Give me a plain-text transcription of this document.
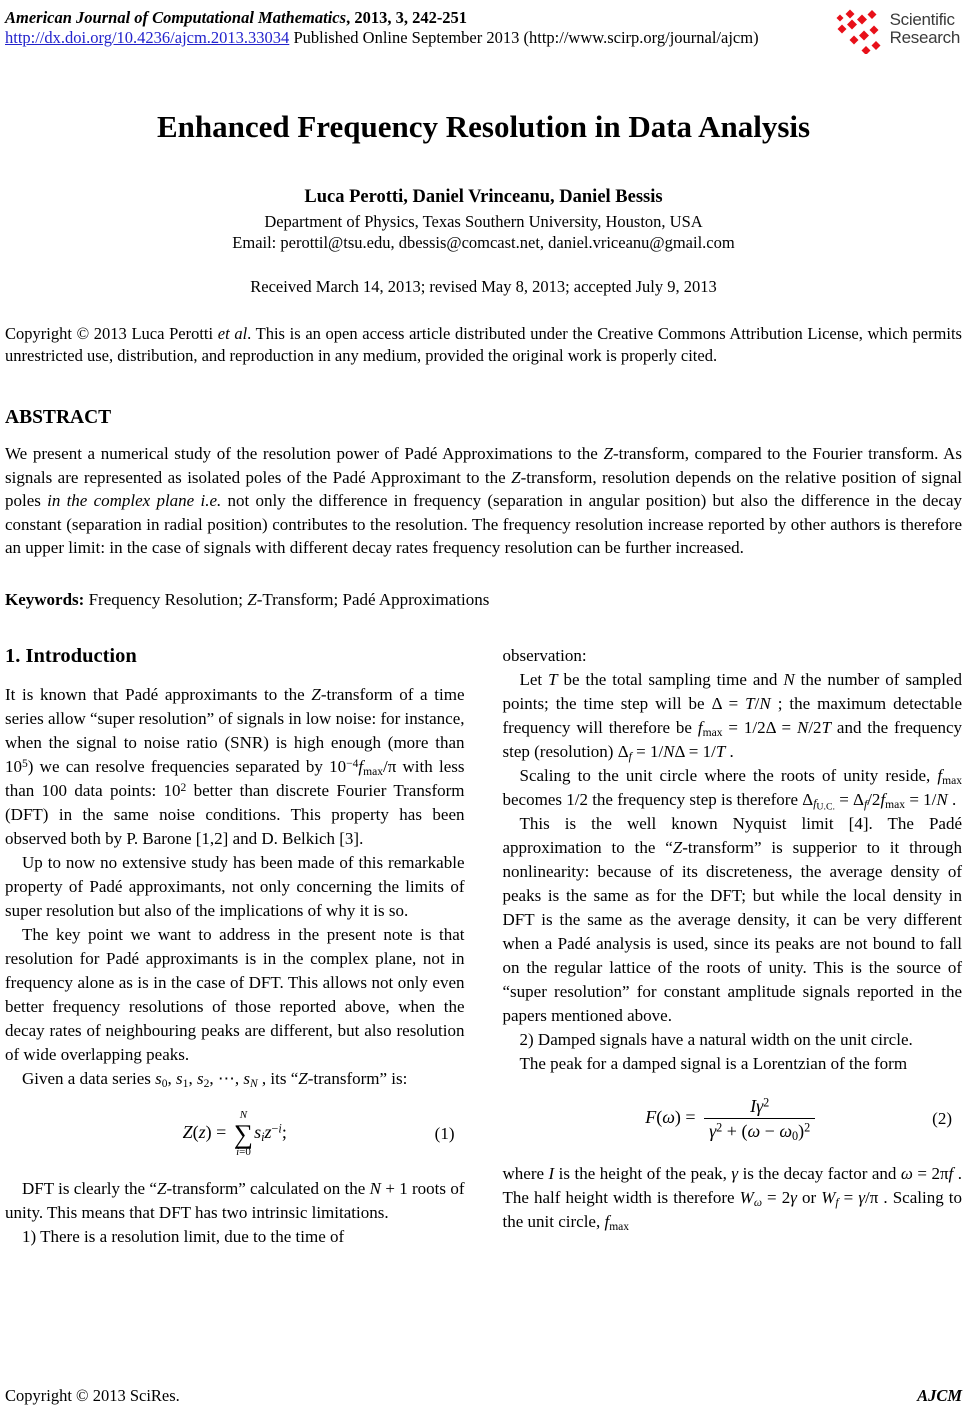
American Journal of Computational Mathematics, 2013, 3, 242-251
http://dx.doi.org/10.4236/ajcm.2013.33034 Published Online September 2013 (http://www.scirp.org/journal/ajcm)
Scientific
Research
Enhanced Frequency Resolution in Data Analysis
Luca Perotti, Daniel Vrinceanu, Daniel Bessis
Department of Physics, Texas Southern University, Houston, USA
Email: perottil@tsu.edu, dbessis@comcast.net, daniel.vriceanu@gmail.com
Received March 14, 2013; revised May 8, 2013; accepted July 9, 2013
Copyright © 2013 Luca Perotti et al. This is an open access article distributed under the Creative Commons Attribution License, which permits unrestricted use, distribution, and reproduction in any medium, provided the original work is properly cited.
ABSTRACT

We present a numerical study of the resolution power of Padé Approximations to the Z-transform, compared to the Fourier transform. As signals are represented as isolated poles of the Padé Approximant to the Z-transform, resolution depends on the relative position of signal poles in the complex plane i.e. not only the difference in frequency (separation in angular position) but also the difference in the decay constant (separation in radial position) contributes to the resolution. The frequency resolution increase reported by other authors is therefore an upper limit: in the case of signals with different decay rates frequency resolution can be further increased.

Keywords: Frequency Resolution; Z-Transform; Padé Approximations
1. Introduction

It is known that Padé approximants to the Z-transform of a time series allow “super resolution” of signals in low noise: for instance, when the signal to noise ratio (SNR) is high enough (more than $10^5$) we can resolve frequencies separated by $10^{-4}f_{max}/\pi$ with less than 100 data points: $10^2$ better than discrete Fourier Transform (DFT) in the same noise conditions. This property has been observed both by P. Barone [1,2] and D. Belkich [3].

Up to now no extensive study has been made of this remarkable property of Padé approximants, not only concerning the limits of super resolution but also of the implications of why it is so.

The key point we want to address in the present note is that resolution for Padé approximants is in the complex plane, not in frequency alone as is in the case of DFT. This allows not only even better frequency resolutions of those reported above, when the decay rates of neighbouring peaks are different, but also resolution of wide overlapping peaks.

Given a data series $s_0$, $s_1$, $s_2$, ⋯, $s_N$ , its “Z-transform” is:

Z(z) =
N
∑
i=0
$s_iz^{-i}$;	(1)

DFT is clearly the “Z-transform” calculated on the N + 1 roots of unity. This means that DFT has two intrinsic limitations.

1) There is a resolution limit, due to the time of

observation:

Let T be the total sampling time and N the number of sampled points; the time step will be Δ = T/N ; the maximum detectable frequency will therefore be $f_{max} = 1/2\Delta = N/2T$ and the frequency step (resolution) $\Delta_f = 1/N\Delta = 1/T$ .

Scaling to the unit circle where the roots of unity reside, $f_{max}$ becomes 1/2 the frequency step is therefore $\Delta_{f_{U.C.}} = \Delta_f/2f_{max} = 1/N$ .

This is the well known Nyquist limit [4]. The Padé approximation to the “Z-transform” is supperior to it through nonlinearity: because of its discreteness, the average density of peaks is the same as for the DFT; but while the local density in DFT is the same as the average density, it can be very different when a Padé analysis is used, since its peaks are not bound to fall on the regular lattice of the roots of unity. This is the source of “super resolution” for constant amplitude signals reported in the papers mentioned above.

2) Damped signals have a natural width on the unit circle.

The peak for a damped signal is a Lorentzian of the form

$F(\omega) = \frac{I\gamma^2}{\gamma^2 + (\omega - \omega_0)^2}$	(2)

where I is the height of the peak, γ is the decay factor and ω = 2πf . The half height width is therefore $W_\omega = 2\gamma$ or $W_f = \gamma/\pi$ . Scaling to the unit circle, $f_{max}$

Copyright © 2013 SciRes.	AJCM
